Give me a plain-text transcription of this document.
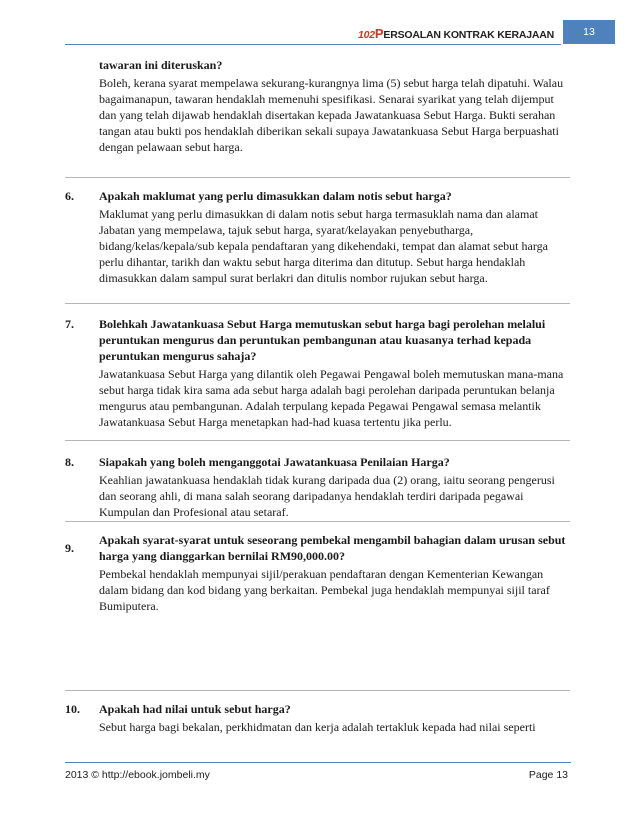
102PERSOALAN KONTRAK KERAJAAN	13
tawaran ini diteruskan?
Boleh, kerana syarat mempelawa sekurang-kurangnya lima (5) sebut harga telah dipatuhi. Walau bagaimanapun, tawaran hendaklah memenuhi spesifikasi. Senarai syarikat yang telah dijemput dan yang telah dijawab hendaklah disertakan kepada Jawatankuasa Sebut Harga. Bukti serahan tangan atau bukti pos hendaklah diberikan sekali supaya Jawatankuasa Sebut Harga berpuashati dengan pelawaan sebut harga.
6. Apakah maklumat yang perlu dimasukkan dalam notis sebut harga?
Maklumat yang perlu dimasukkan di dalam notis sebut harga termasuklah nama dan alamat Jabatan yang mempelawa, tajuk sebut harga, syarat/kelayakan penyebutharga, bidang/kelas/kepala/sub kepala pendaftaran yang dikehendaki, tempat dan alamat sebut harga perlu dihantar, tarikh dan waktu sebut harga diterima dan ditutup. Sebut harga hendaklah dimasukkan dalam sampul surat berlakri dan ditulis nombor rujukan sebut harga.
7. Bolehkah Jawatankuasa Sebut Harga memutuskan sebut harga bagi perolehan melalui peruntukan mengurus dan peruntukan pembangunan atau kuasanya terhad kepada peruntukan mengurus sahaja?
Jawatankuasa Sebut Harga yang dilantik oleh Pegawai Pengawal boleh memutuskan mana-mana sebut harga tidak kira sama ada sebut harga adalah bagi perolehan daripada peruntukan belanja mengurus atau pembangunan. Adalah terpulang kepada Pegawai Pengawal semasa melantik Jawatankuasa Sebut Harga menetapkan had-had kuasa tertentu jika perlu.
8. Siapakah yang boleh menganggotai Jawatankuasa Penilaian Harga?
Keahlian jawatankuasa hendaklah tidak kurang daripada dua (2) orang, iaitu seorang pengerusi dan seorang ahli, di mana salah seorang daripadanya hendaklah terdiri daripada pegawai Kumpulan dan Profesional atau setaraf.
9.
Apakah syarat-syarat untuk seseorang pembekal mengambil bahagian dalam urusan sebut harga yang dianggarkan bernilai RM90,000.00?
Pembekal hendaklah mempunyai sijil/perakuan pendaftaran dengan Kementerian Kewangan dalam bidang dan kod bidang yang berkaitan. Pembekal juga hendaklah mempunyai sijil taraf Bumiputera.
10. Apakah had nilai untuk sebut harga?
Sebut harga bagi bekalan, perkhidmatan dan kerja adalah tertakluk kepada had nilai seperti
2013 © http://ebook.jombeli.my	Page 13
